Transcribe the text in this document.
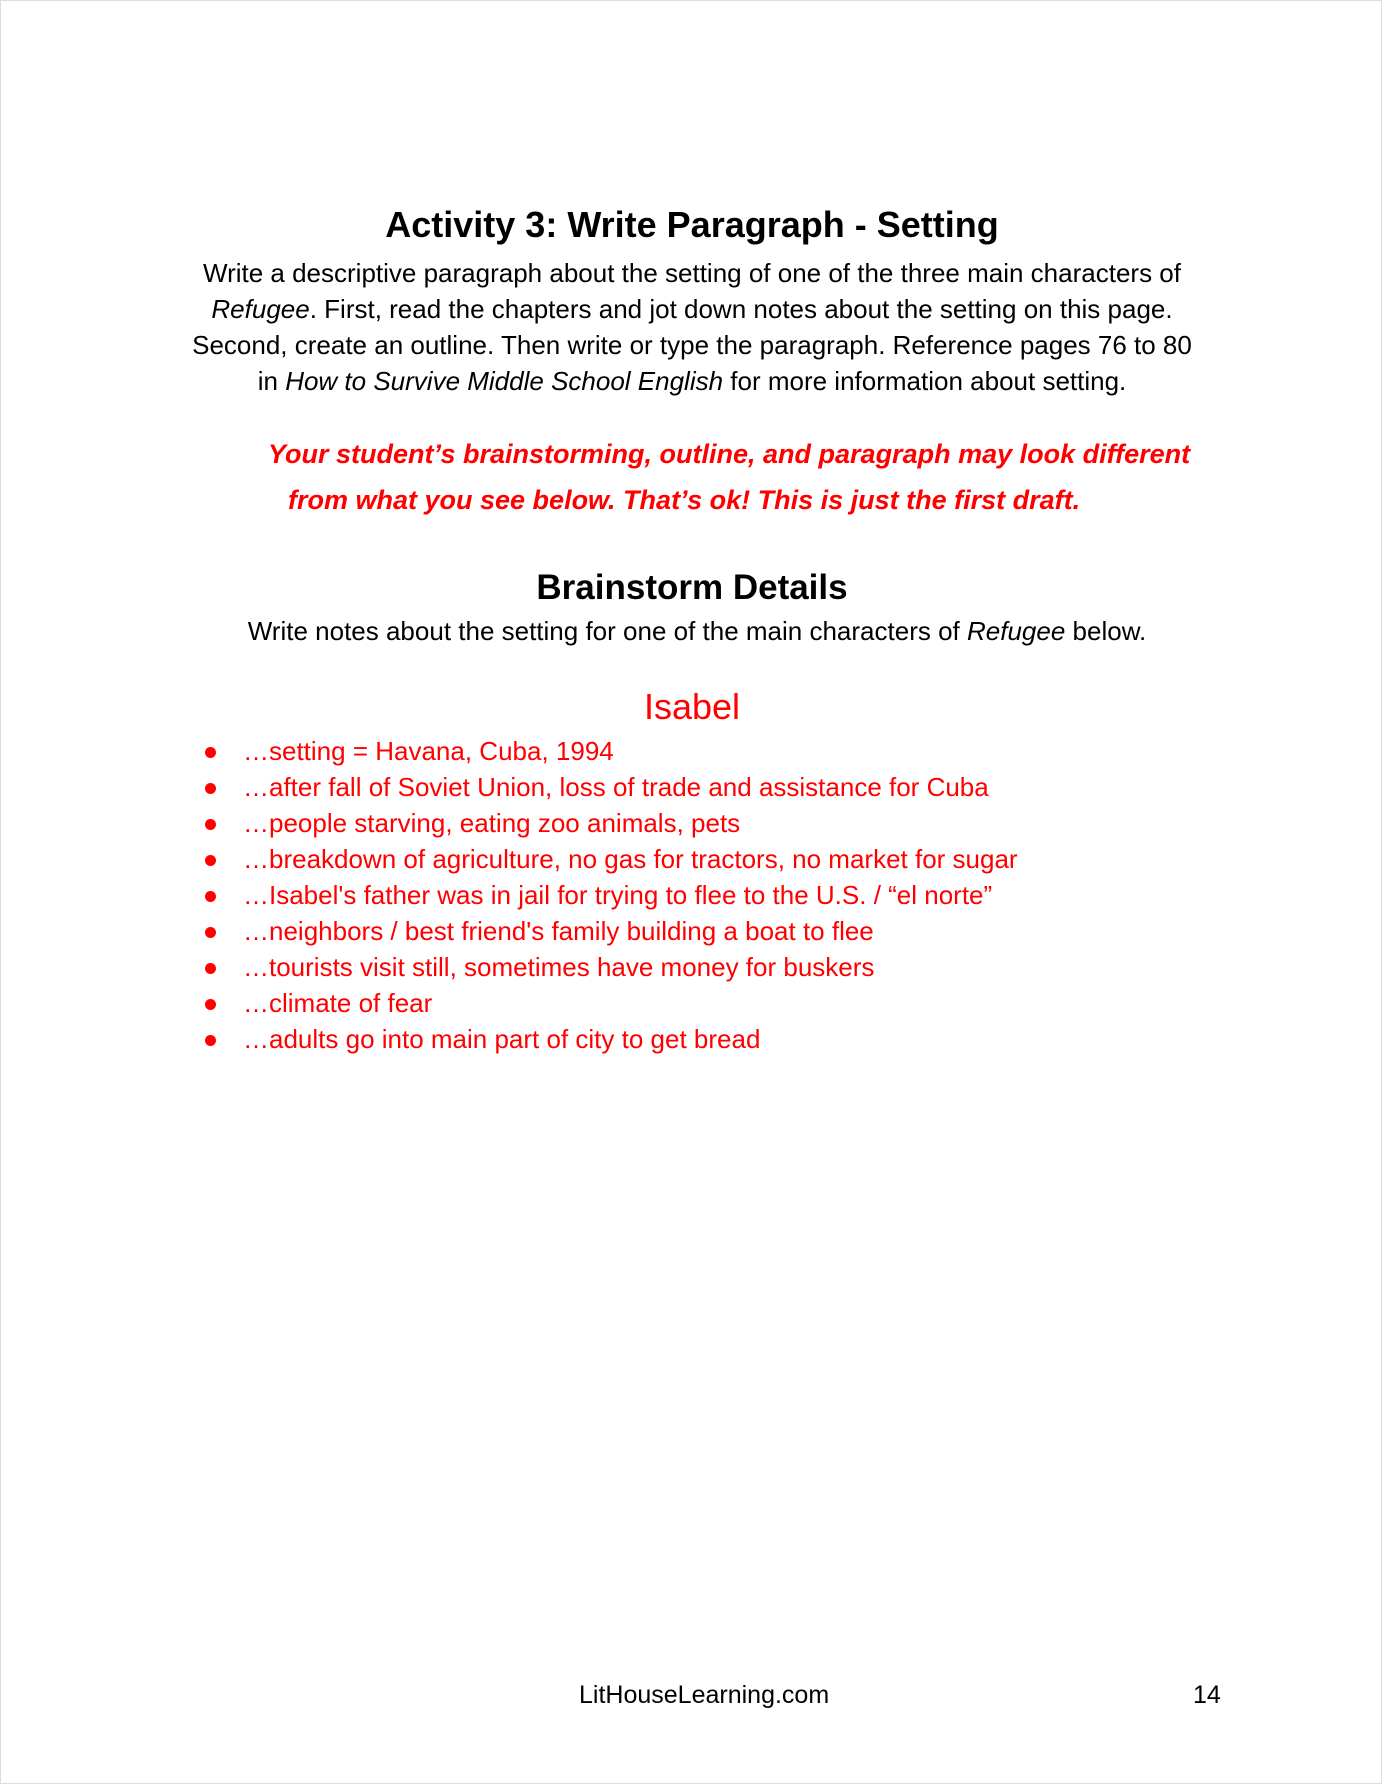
Activity 3: Write Paragraph - Setting
Write a descriptive paragraph about the setting of one of the three main characters of
Refugee. First, read the chapters and jot down notes about the setting on this page.
Second, create an outline. Then write or type the paragraph. Reference pages 76 to 80
in How to Survive Middle School English for more information about setting.
Your student’s brainstorming, outline, and paragraph may look different
from what you see below. That’s ok! This is just the first draft.
Brainstorm Details
Write notes about the setting for one of the main characters of Refugee below.
Isabel
…setting = Havana, Cuba, 1994
…after fall of Soviet Union, loss of trade and assistance for Cuba
…people starving, eating zoo animals, pets
…breakdown of agriculture, no gas for tractors, no market for sugar
…Isabel's father was in jail for trying to flee to the U.S. / “el norte”
…neighbors / best friend's family building a boat to flee
…tourists visit still, sometimes have money for buskers
…climate of fear
…adults go into main part of city to get bread
LitHouseLearning.com	14
